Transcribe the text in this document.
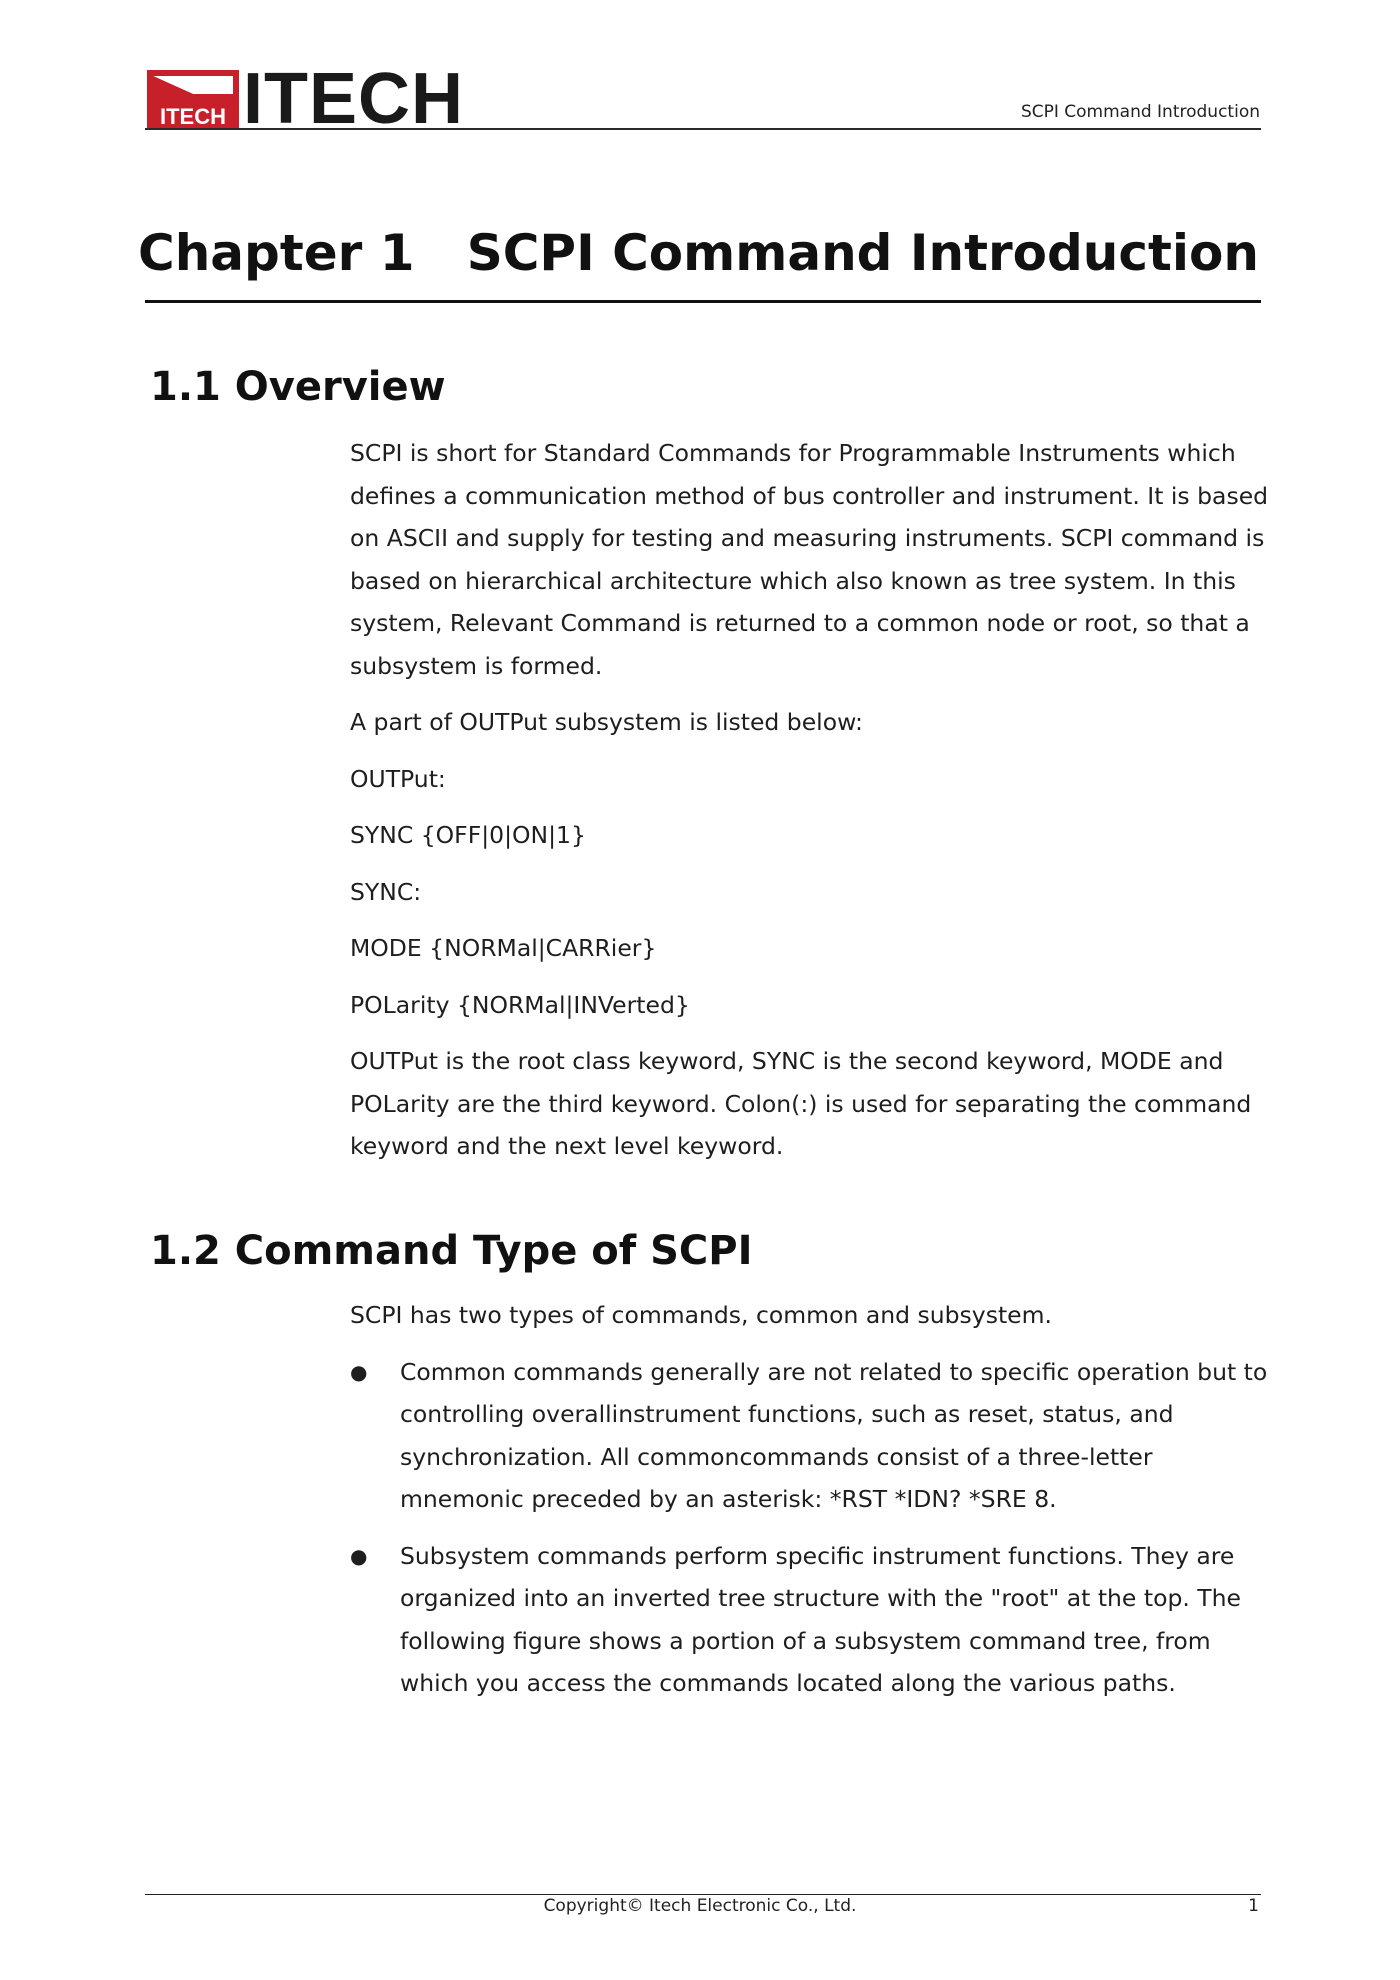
ITECH ITECH	SCPI Command Introduction
Chapter 1   SCPI Command Introduction
1.1 Overview

SCPI is short for Standard Commands for Programmable Instruments which defines a communication method of bus controller and instrument. It is based on ASCII and supply for testing and measuring instruments. SCPI command is based on hierarchical architecture which also known as tree system. In this system, Relevant Command is returned to a common node or root, so that a subsystem is formed.

A part of OUTPut subsystem is listed below:

OUTPut:

SYNC {OFF|0|ON|1}

SYNC:

MODE {NORMal|CARRier}

POLarity {NORMal|INVerted}

OUTPut is the root class keyword, SYNC is the second keyword, MODE and POLarity are the third keyword. Colon(:) is used for separating the command keyword and the next level keyword.

1.2 Command Type of SCPI

SCPI has two types of commands, common and subsystem.

●	Common commands generally are not related to specific operation but to controlling overallinstrument functions, such as reset, status, and synchronization. All commoncommands consist of a three-letter mnemonic preceded by an asterisk: *RST *IDN? *SRE 8.
●	Subsystem commands perform specific instrument functions. They are organized into an inverted tree structure with the "root" at the top. The following figure shows a portion of a subsystem command tree, from which you access the commands located along the various paths.
Copyright© Itech Electronic Co., Ltd.	1
